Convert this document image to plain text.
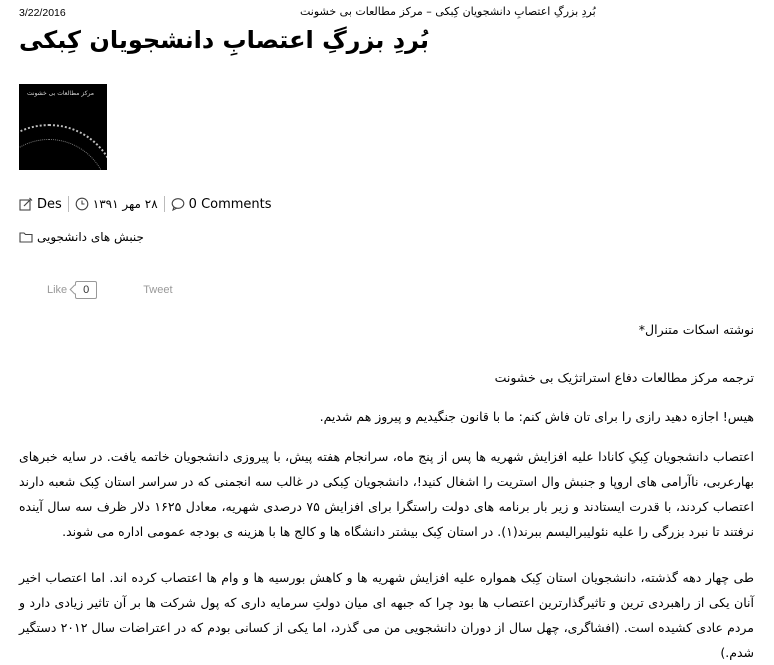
3/22/2016	بُردِ بزرگِ اعتصابِ دانشجویان کِبکی – مرکز مطالعات بی خشونت
بُردِ بزرگِ اعتصابِ دانشجویان کِبکی
مرکز مطالعات بی خشونت
Des	۲۸ مهر ۱۳۹۱ 0 Comments
جنبش های دانشجویی
Like	0	Tweet
نوشته اسکات متنرال*
ترجمه مرکز مطالعات دفاع استراتژیک بی خشونت
هیس! اجازه دهید رازی را برای تان فاش کنم: ما با قانون جنگیدیم و پیروز هم شدیم.
اعتصاب دانشجویان کِبکِ کانادا علیه افزایش شهریه ها پس از پنج ماه، سرانجام هفته پیش، با پیروزی دانشجویان خاتمه یافت. در سایه خبرهای بهارعربی، ناآرامی های اروپا و جنبش وال استریت را اشغال کنید!، دانشجویان کِبکی در غالب سه انجمنی که در سراسر استان کِبک شعبه دارند اعتصاب کردند، با قدرت ایستادند و زیر بار برنامه های دولت راستگرا برای افزایش ۷۵ درصدی شهریه، معادل ۱۶۲۵ دلار ظرف سه سال آینده نرفتند تا نبرد بزرگی را علیه نئولیبرالیسم ببرند(۱). در استان کِبک بیشتر دانشگاه ها و کالج ها با هزینه ی بودجه عمومی اداره می شوند.
طی چهار دهه گذشته، دانشجویان استان کِبک همواره علیه افزایش شهریه ها و کاهش بورسیه ها و وام ها اعتصاب کرده اند. اما اعتصاب اخیر آنان یکی از راهبردی ترین و تاثیرگذارترین اعتصاب ها بود چرا که جبهه ای میان دولتِ سرمایه داری که پول شرکت ها بر آن تاثیر زیادی دارد و مردم عادی کشیده است. (افشاگری، چهل سال از دوران دانشجویی من می گذرد، اما یکی از کسانی بودم که در اعتراضات سال ۲۰۱۲ دستگیر شدم.)
